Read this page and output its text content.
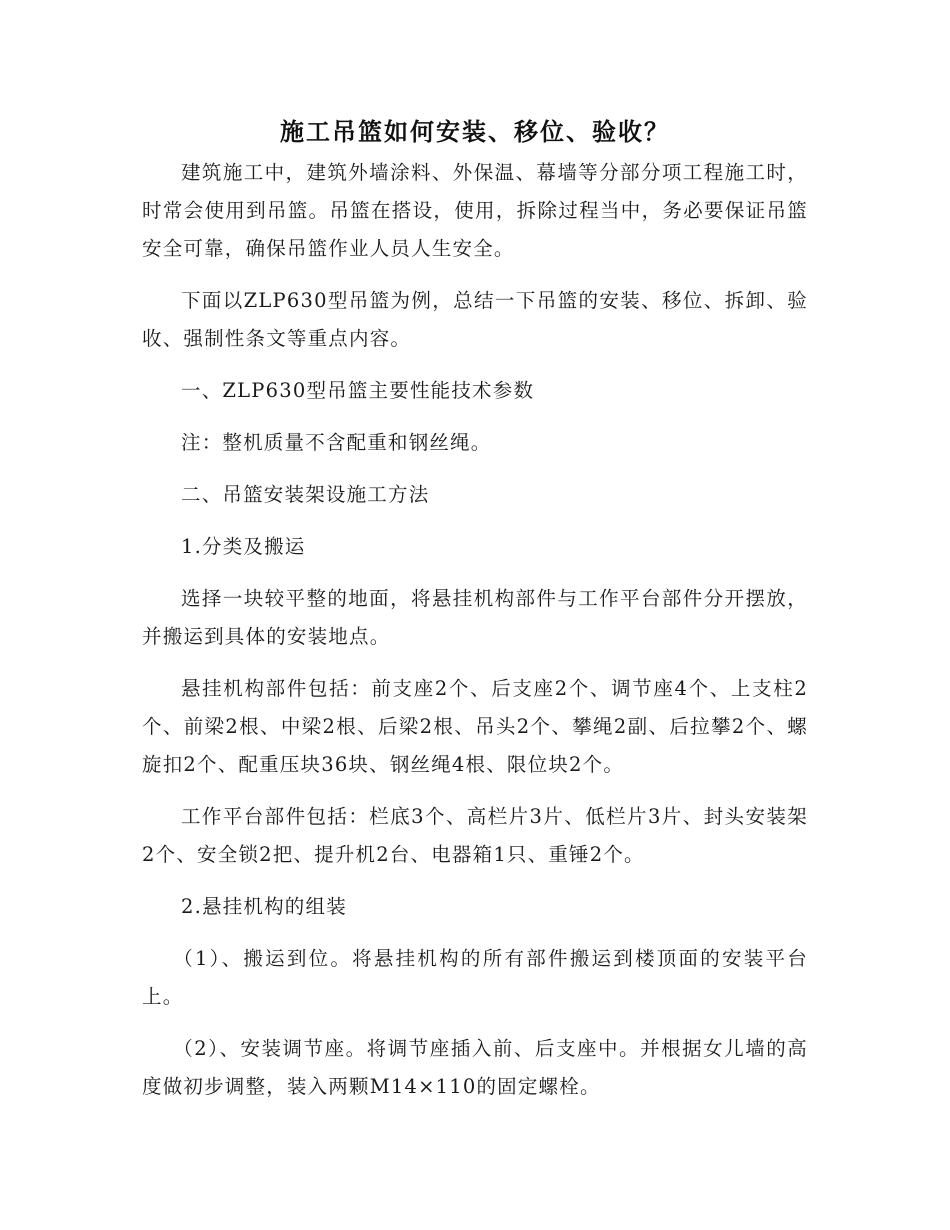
施工吊篮如何安装、移位、验收？

建筑施工中，建筑外墙涂料、外保温、幕墙等分部分项工程施工时，时常会使用到吊篮。吊篮在搭设，使用，拆除过程当中，务必要保证吊篮安全可靠，确保吊篮作业人员人生安全。

下面以ZLP630型吊篮为例，总结一下吊篮的安装、移位、拆卸、验收、强制性条文等重点内容。

一、ZLP630型吊篮主要性能技术参数

注：整机质量不含配重和钢丝绳。

二、吊篮安装架设施工方法

1.分类及搬运

选择一块较平整的地面，将悬挂机构部件与工作平台部件分开摆放，并搬运到具体的安装地点。

悬挂机构部件包括：前支座2个、后支座2个、调节座4个、上支柱2个、前梁2根、中梁2根、后梁2根、吊头2个、攀绳2副、后拉攀2个、螺旋扣2个、配重压块36块、钢丝绳4根、限位块2个。

工作平台部件包括：栏底3个、高栏片3片、低栏片3片、封头安装架2个、安全锁2把、提升机2台、电器箱1只、重锤2个。

2.悬挂机构的组装

（1）、搬运到位。将悬挂机构的所有部件搬运到楼顶面的安装平台上。

（2）、安装调节座。将调节座插入前、后支座中。并根据女儿墙的高度做初步调整，装入两颗M14×110的固定螺栓。
